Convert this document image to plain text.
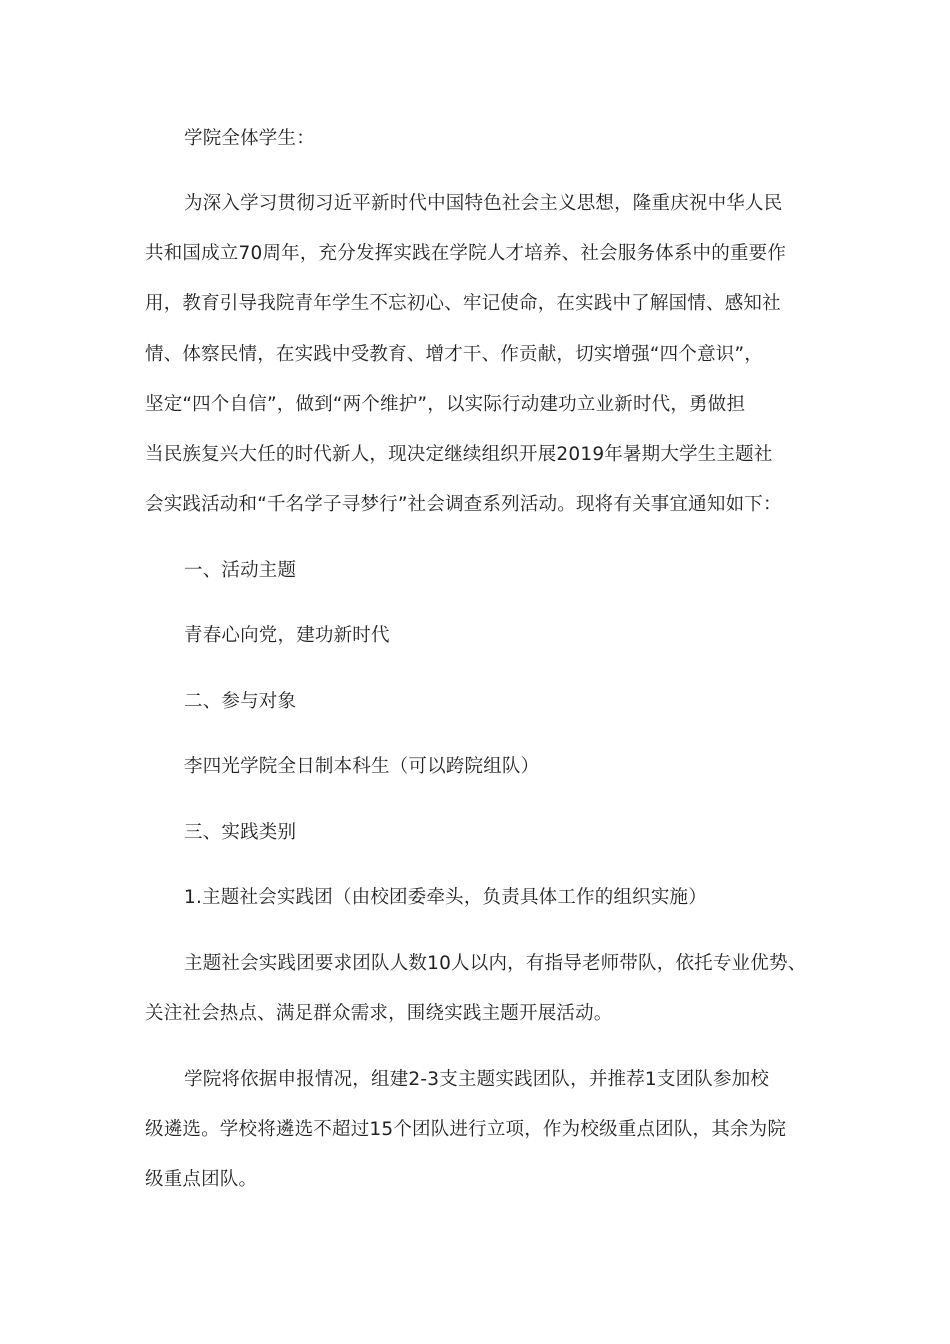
学院全体学生：
为深入学习贯彻习近平新时代中国特色社会主义思想，隆重庆祝中华人民
共和国成立70周年，充分发挥实践在学院人才培养、社会服务体系中的重要作
用，教育引导我院青年学生不忘初心、牢记使命，在实践中了解国情、感知社
情、体察民情，在实践中受教育、增才干、作贡献，切实增强“四个意识”，
坚定“四个自信”，做到“两个维护”，以实际行动建功立业新时代，勇做担
当民族复兴大任的时代新人，现决定继续组织开展2019年暑期大学生主题社
会实践活动和“千名学子寻梦行”社会调查系列活动。现将有关事宜通知如下：
一、活动主题
青春心向党，建功新时代
二、参与对象
李四光学院全日制本科生（可以跨院组队）
三、实践类别
1.主题社会实践团（由校团委牵头，负责具体工作的组织实施）
主题社会实践团要求团队人数10人以内，有指导老师带队，依托专业优势、
关注社会热点、满足群众需求，围绕实践主题开展活动。
学院将依据申报情况，组建2-3支主题实践团队，并推荐1支团队参加校
级遴选。学校将遴选不超过15个团队进行立项，作为校级重点团队，其余为院
级重点团队。
